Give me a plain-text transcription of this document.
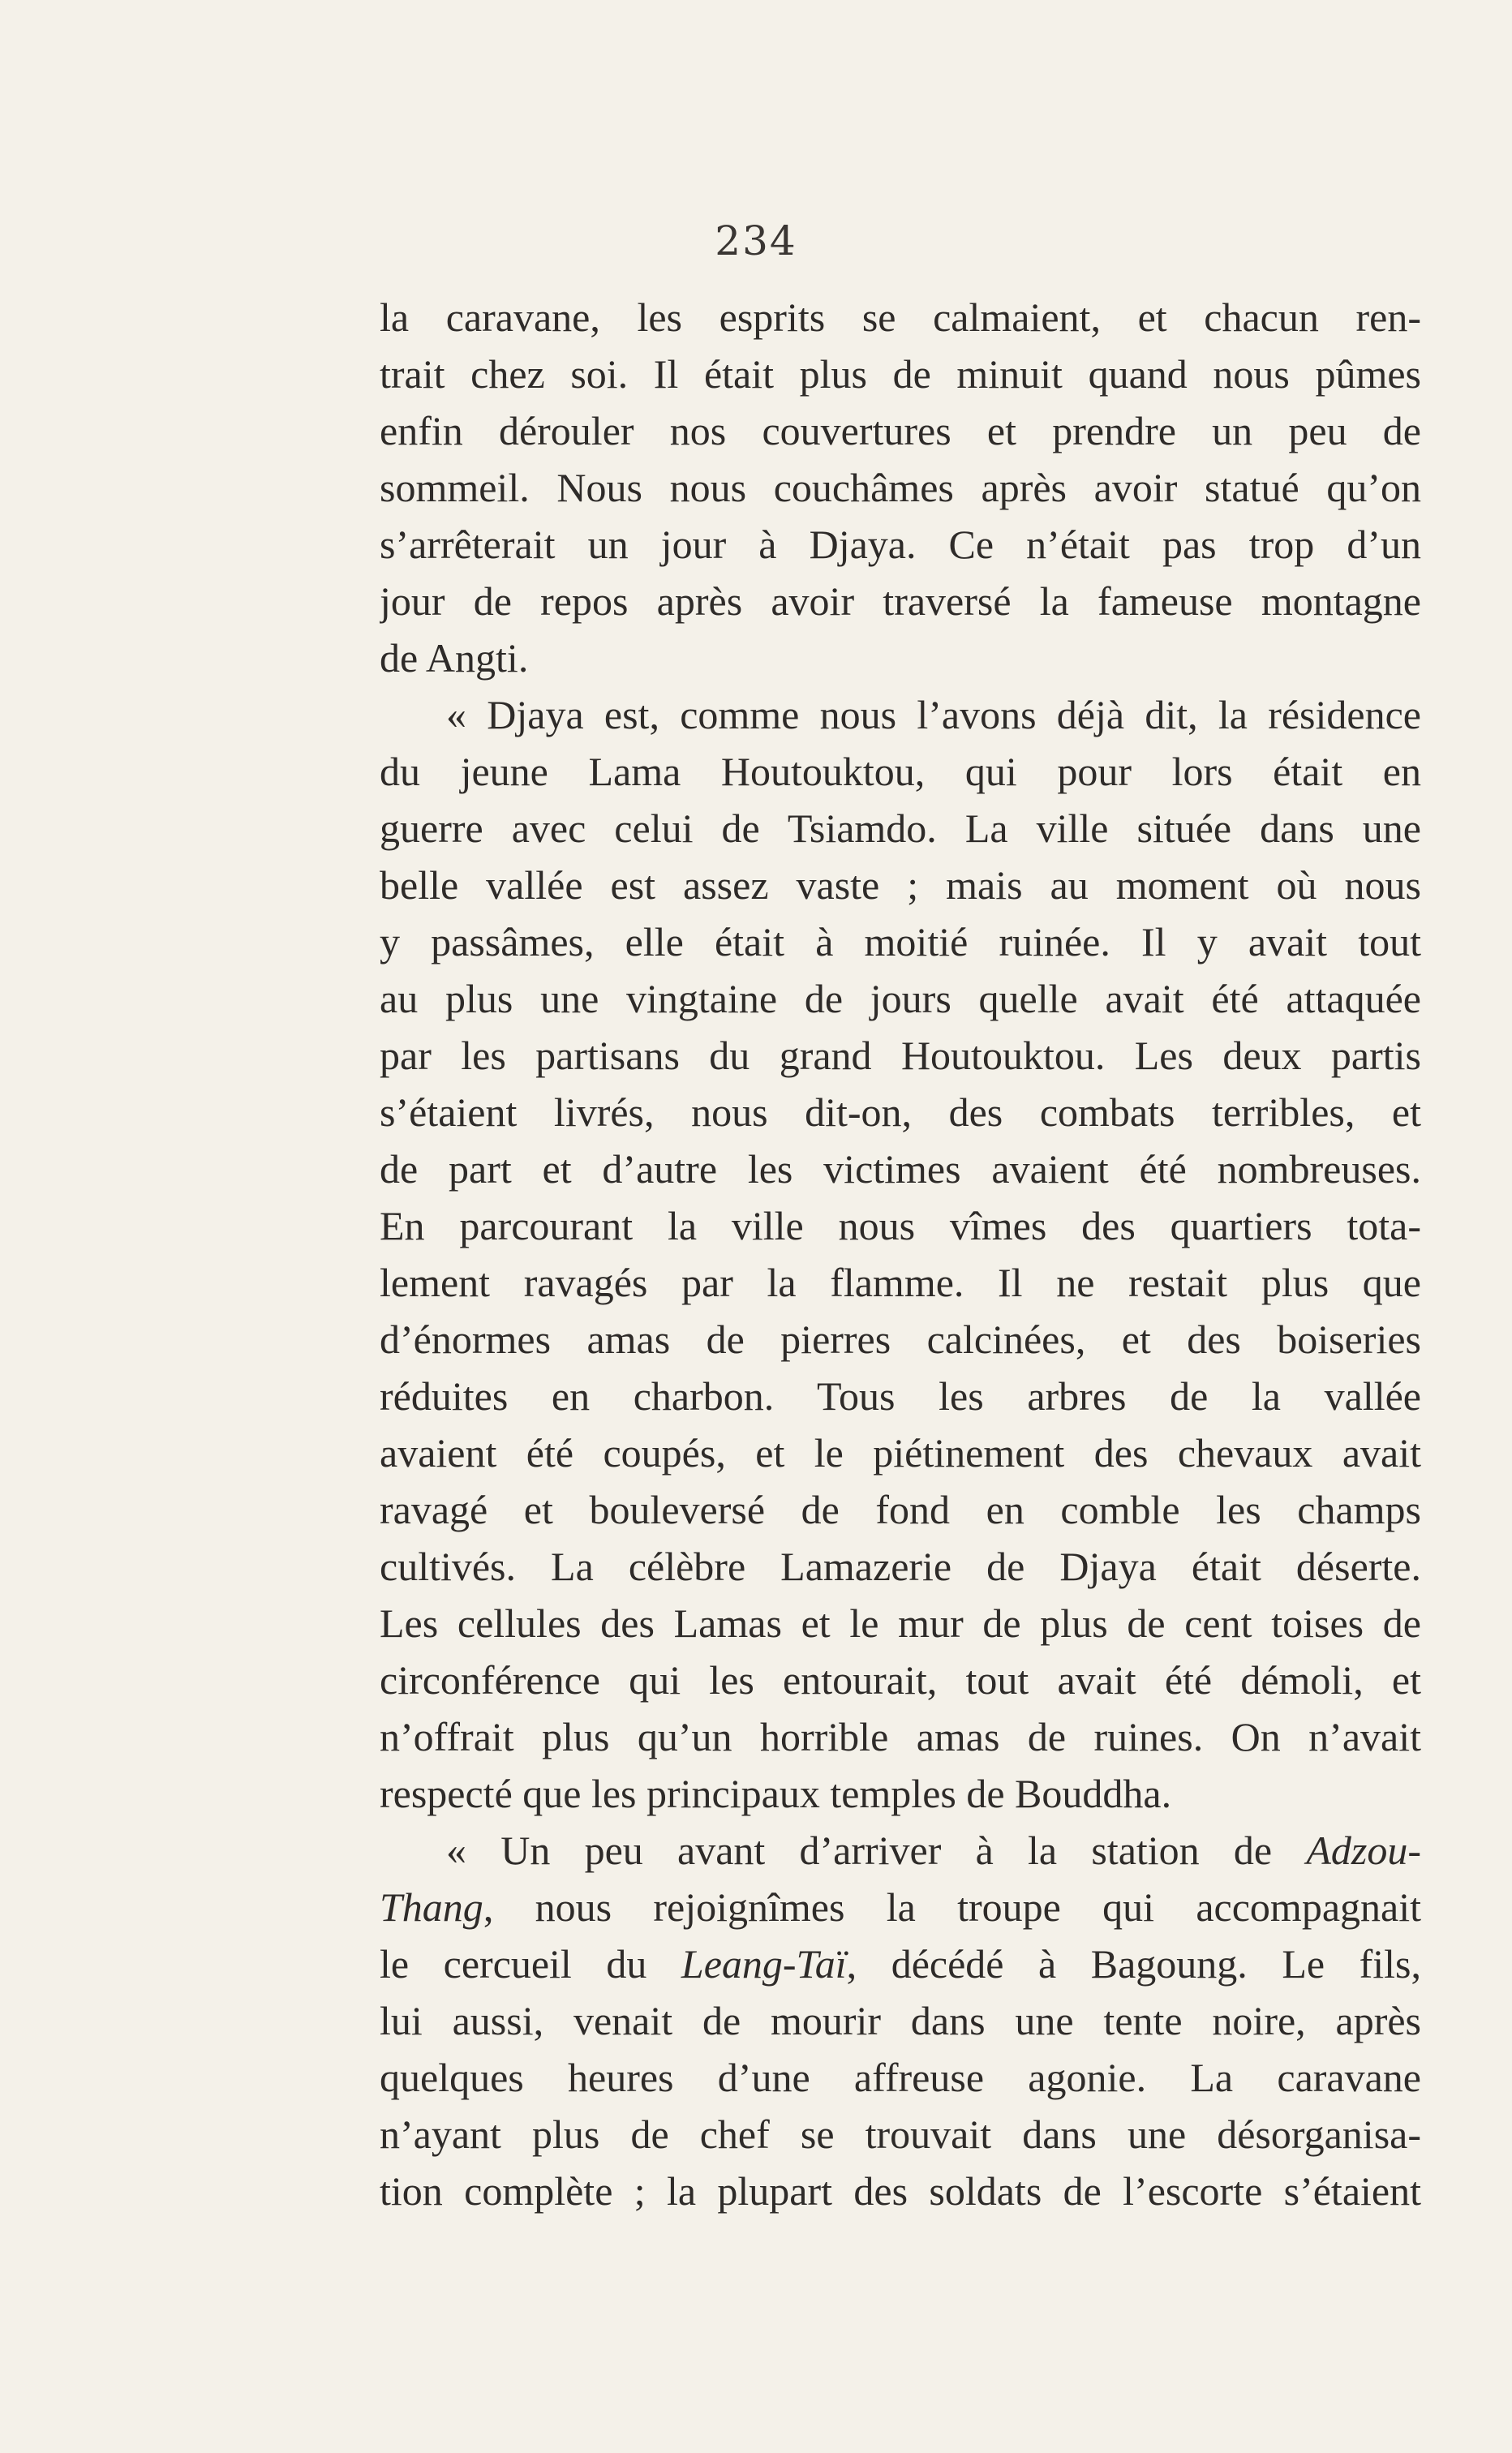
234
la caravane, les esprits se calmaient, et chacun ren-
trait chez soi. Il était plus de minuit quand nous pûmes
enfin dérouler nos couvertures et prendre un peu de
sommeil. Nous nous couchâmes après avoir statué qu’on
s’arrêterait un jour à Djaya. Ce n’était pas trop d’un
jour de repos après avoir traversé la fameuse montagne
de Angti.
« Djaya est, comme nous l’avons déjà dit, la résidence
du jeune Lama Houtouktou, qui pour lors était en
guerre avec celui de Tsiamdo. La ville située dans une
belle vallée est assez vaste ; mais au moment où nous
y passâmes, elle était à moitié ruinée. Il y avait tout
au plus une vingtaine de jours quelle avait été attaquée
par les partisans du grand Houtouktou. Les deux partis
s’étaient livrés, nous dit-on, des combats terribles, et
de part et d’autre les victimes avaient été nombreuses.
En parcourant la ville nous vîmes des quartiers tota-
lement ravagés par la flamme. Il ne restait plus que
d’énormes amas de pierres calcinées, et des boiseries
réduites en charbon. Tous les arbres de la vallée
avaient été coupés, et le piétinement des chevaux avait
ravagé et bouleversé de fond en comble les champs
cultivés. La célèbre Lamazerie de Djaya était déserte.
Les cellules des Lamas et le mur de plus de cent toises de
circonférence qui les entourait, tout avait été démoli, et
n’offrait plus qu’un horrible amas de ruines. On n’avait
respecté que les principaux temples de Bouddha.
« Un peu avant d’arriver à la station de Adzou-
Thang, nous rejoignîmes la troupe qui accompagnait
le cercueil du Leang-Taï, décédé à Bagoung. Le fils,
lui aussi, venait de mourir dans une tente noire, après
quelques heures d’une affreuse agonie. La caravane
n’ayant plus de chef se trouvait dans une désorganisa-
tion complète ; la plupart des soldats de l’escorte s’étaient
